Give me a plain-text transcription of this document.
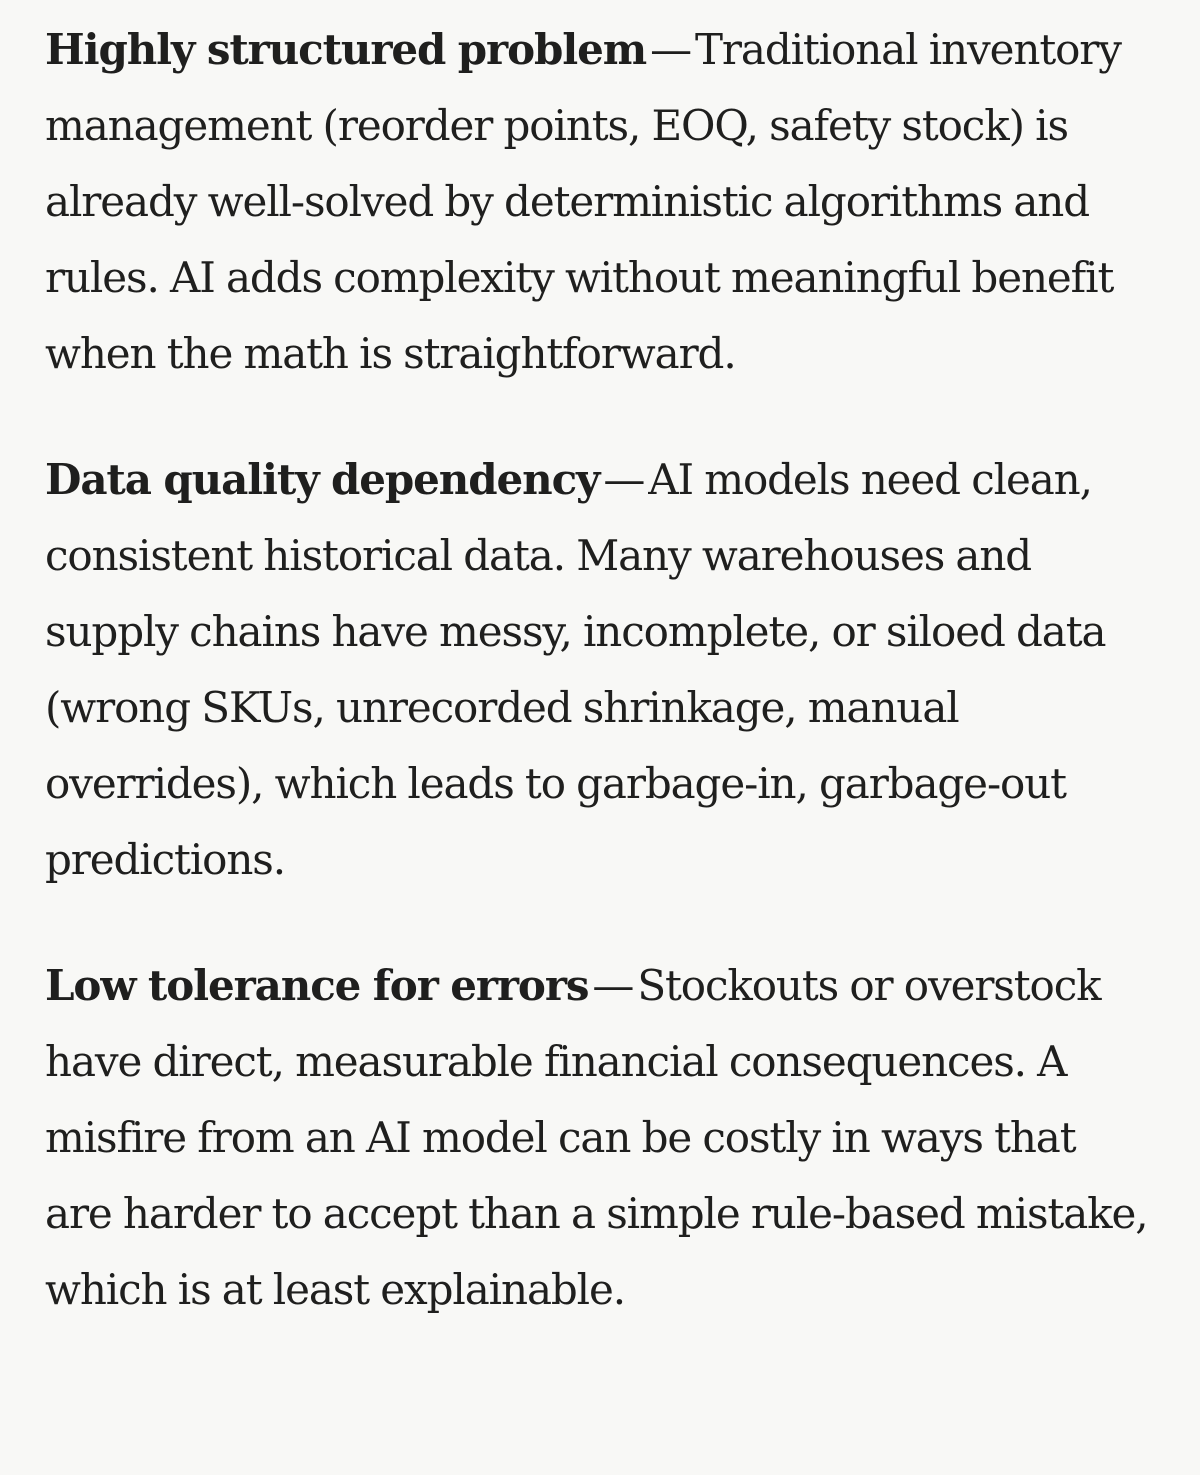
Highly structured problem—Traditional inventory management (reorder points, EOQ, safety stock) is already well-solved by deterministic algorithms and rules. AI adds complexity without meaningful benefit when the math is straightforward.

Data quality dependency—AI models need clean, consistent historical data. Many warehouses and supply chains have messy, incomplete, or siloed data (wrong SKUs, unrecorded shrinkage, manual overrides), which leads to garbage-in, garbage-out predictions.

Low tolerance for errors—Stockouts or overstock have direct, measurable financial consequences. A misfire from an AI model can be costly in ways that are harder to accept than a simple rule-based mistake, which is at least explainable.
